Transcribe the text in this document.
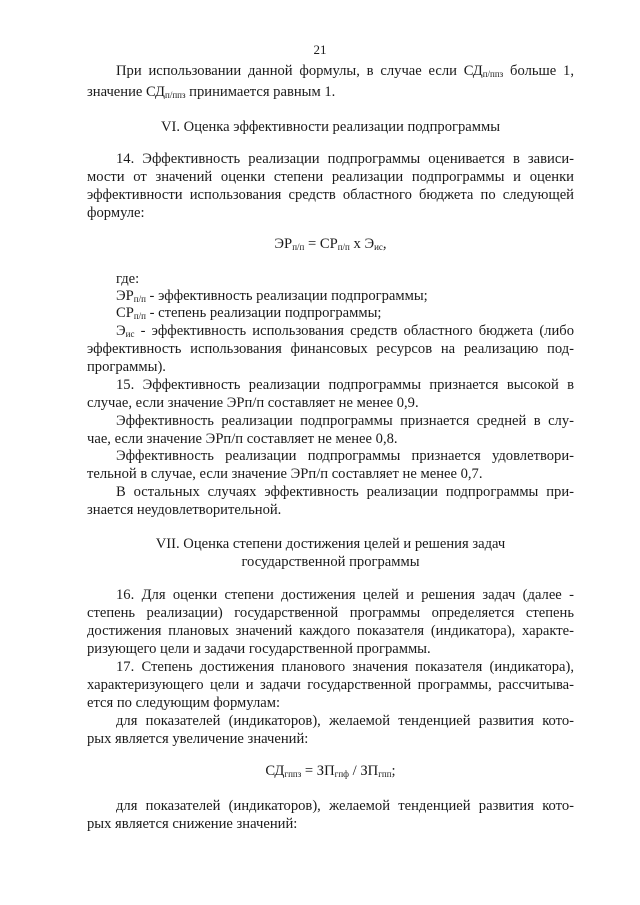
21

При использовании данной формулы, в случае если $СД_{п/ппз}$ больше 1,

значение $СД_{п/ппз}$ принимается равным 1.

VI. Оценка эффективности реализации подпрограммы

14. Эффективность реализации подпрограммы оценивается в зависи-

мости от значений оценки степени реализации подпрограммы и оценки

эффективности использования средств областного бюджета по следующей

формуле:

$ЭР_{п/п} = СР_{п/п}$ х $Э_{ис}$,

где:

$ЭР_{п/п}$ - эффективность реализации подпрограммы;

$СР_{п/п}$ - степень реализации подпрограммы;

$Э_{ис}$ - эффективность использования средств областного бюджета (либо

эффективность использования финансовых ресурсов на реализацию под-

программы).

15. Эффективность реализации подпрограммы признается высокой в

случае, если значение ЭРп/п составляет не менее 0,9.

Эффективность реализации подпрограммы признается средней в слу-

чае, если значение ЭРп/п составляет не менее 0,8.

Эффективность реализации подпрограммы признается удовлетвори-

тельной в случае, если значение ЭРп/п составляет не менее 0,7.

В остальных случаях эффективность реализации подпрограммы при-

знается неудовлетворительной.

VII. Оценка степени достижения целей и решения задач

государственной программы

16. Для оценки степени достижения целей и решения задач (далее -

степень реализации) государственной программы определяется степень

достижения плановых значений каждого показателя (индикатора), характе-

ризующего цели и задачи государственной программы.

17. Степень достижения планового значения показателя (индикатора),

характеризующего цели и задачи государственной программы, рассчитыва-

ется по следующим формулам:

для показателей (индикаторов), желаемой тенденцией развития кото-

рых является увеличение значений:

$СД_{гппз} = ЗП_{гпф} / ЗП_{гпп}$;

для показателей (индикаторов), желаемой тенденцией развития кото-

рых является снижение значений:
